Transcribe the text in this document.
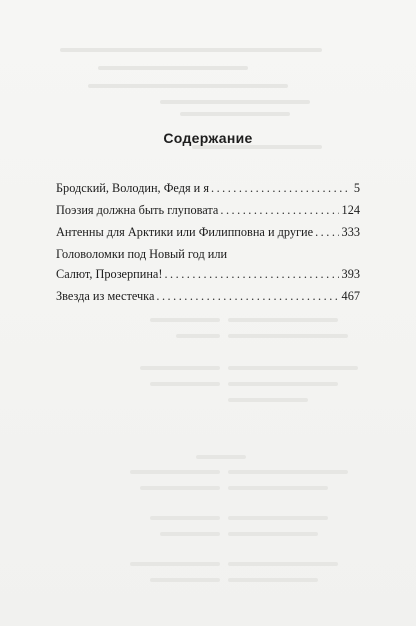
Содержание
Бродский, Володин, Федя и я .....	5
Поэзия должна быть глуповата .....	124
Антенны для Арктики или Филипповна и другие ..... 333
Головоломки под Новый год или
Салют, Прозерпина! .....	393
Звезда из местечка .....	467
